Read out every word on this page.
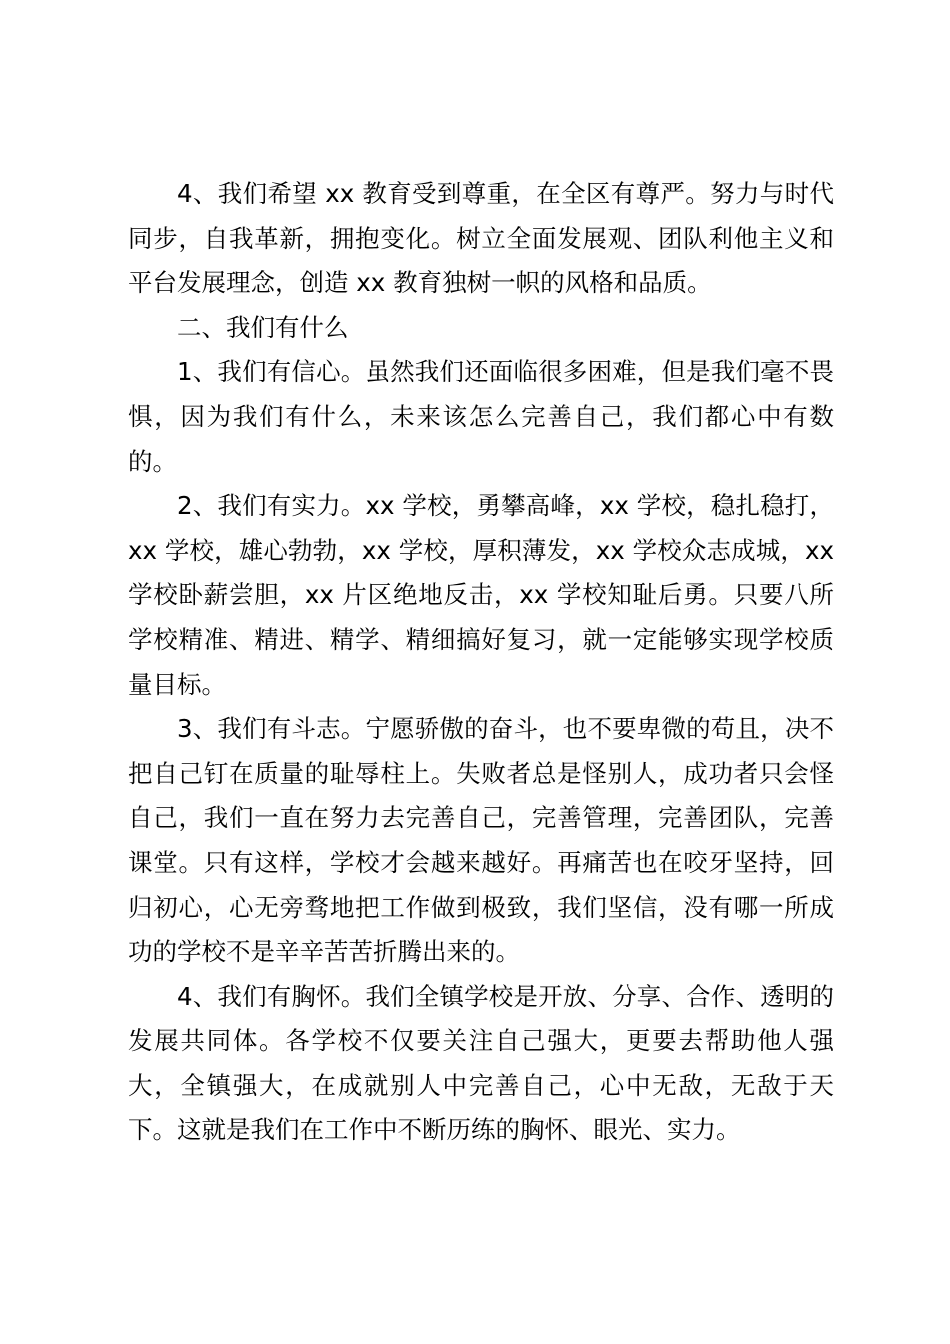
4、我们希望 xx 教育受到尊重，在全区有尊严。努力与时代同步，自我革新，拥抱变化。树立全面发展观、团队利他主义和平台发展理念，创造 xx 教育独树一帜的风格和品质。

二、我们有什么

1、我们有信心。虽然我们还面临很多困难，但是我们毫不畏惧，因为我们有什么，未来该怎么完善自己，我们都心中有数的。

2、我们有实力。xx 学校，勇攀高峰，xx 学校，稳扎稳打，xx 学校，雄心勃勃，xx 学校，厚积薄发，xx 学校众志成城，xx 学校卧薪尝胆，xx 片区绝地反击，xx 学校知耻后勇。只要八所学校精准、精进、精学、精细搞好复习，就一定能够实现学校质量目标。

3、我们有斗志。宁愿骄傲的奋斗，也不要卑微的苟且，决不把自己钉在质量的耻辱柱上。失败者总是怪别人，成功者只会怪自己，我们一直在努力去完善自己，完善管理，完善团队，完善课堂。只有这样，学校才会越来越好。再痛苦也在咬牙坚持，回归初心，心无旁骛地把工作做到极致，我们坚信，没有哪一所成功的学校不是辛辛苦苦折腾出来的。

4、我们有胸怀。我们全镇学校是开放、分享、合作、透明的发展共同体。各学校不仅要关注自己强大，更要去帮助他人强大，全镇强大，在成就别人中完善自己，心中无敌，无敌于天下。这就是我们在工作中不断历练的胸怀、眼光、实力。
